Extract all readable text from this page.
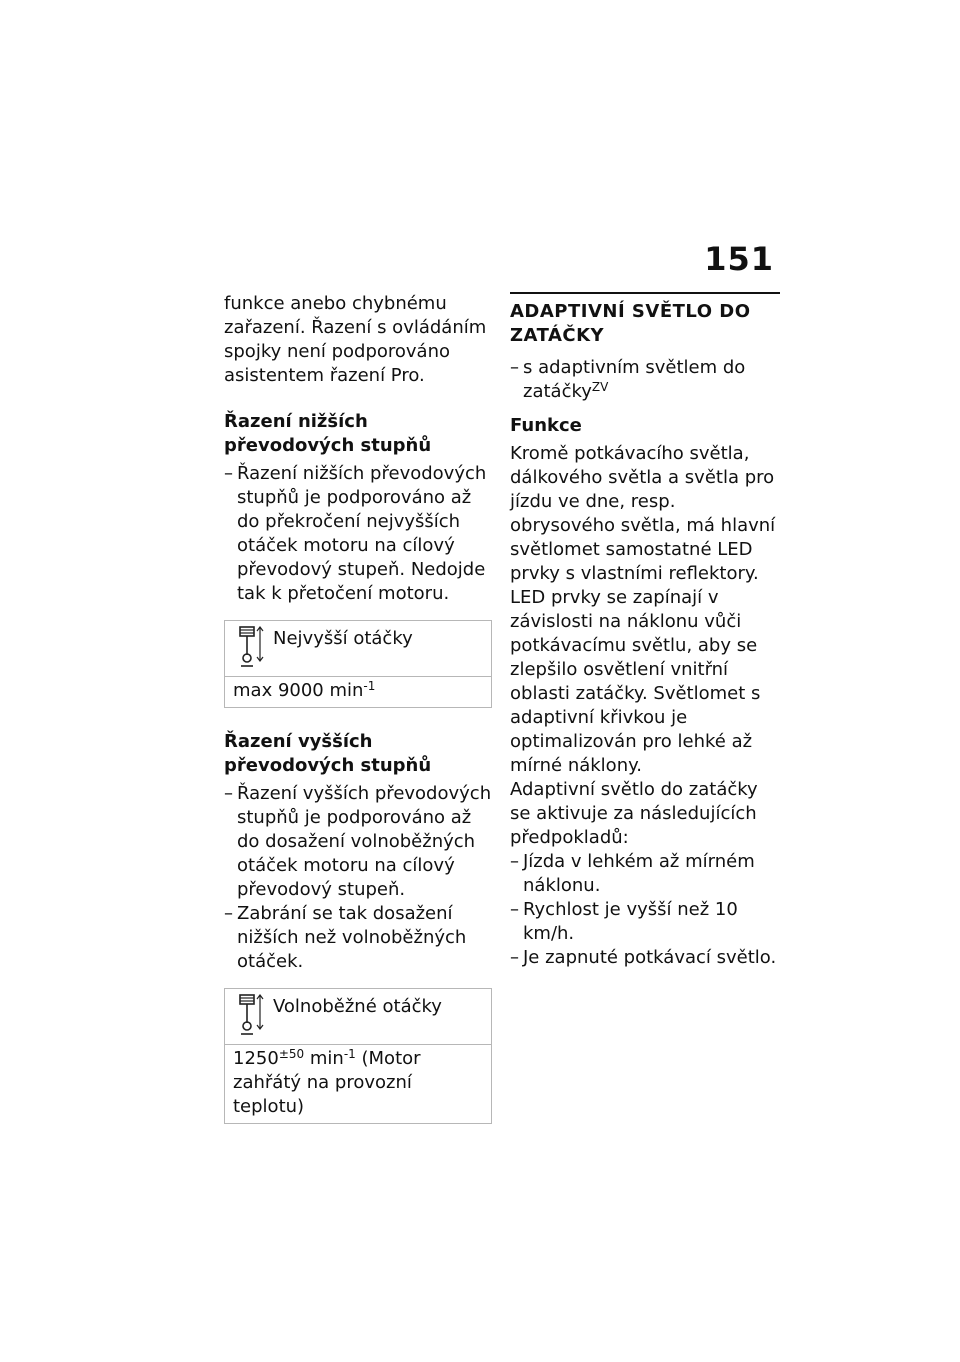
151

funkce anebo chybnému zařazení. Řazení s ovládáním spojky není podporováno asistentem řazení Pro.

Řazení nižších převodových stupňů
– Řazení nižších převodových stupňů je podporováno až do překročení nejvyšších otáček motoru na cílový převodový stupeň. Nedojde tak k přetočení motoru.
Nejvyšší otáčky
max 9000 $\min^{-1}$
Řazení vyšších převodových stupňů
– Řazení vyšších převodových stupňů je podporováno až do dosažení volnoběžných otáček motoru na cílový převodový stupeň.
– Zabrání se tak dosažení nižších než volnoběžných otáček.
Volnoběžné otáčky
$1250^{\pm 50}$ $\min^{-1}$ (Motor zahřátý na provozní teplotu)
ADAPTIVNÍ SVĚTLO DO ZATÁČKY
– s adaptivním světlem do zatáčky$^{ZV}$
Funkce

Kromě potkávacího světla, dálkového světla a světla pro jízdu ve dne, resp. obrysového světla, má hlavní světlomet samostatné LED prvky s vlastními reflektory. LED prvky se zapínají v závislosti na náklonu vůči potkávacímu světlu, aby se zlepšilo osvětlení vnitřní oblasti zatáčky. Světlomet s adaptivní křivkou je optimalizován pro lehké až mírné náklony.

Adaptivní světlo do zatáčky se aktivuje za následujících předpokladů:

– Jízda v lehkém až mírném náklonu.
– Rychlost je vyšší než 10 km/h.
– Je zapnuté potkávací světlo.
